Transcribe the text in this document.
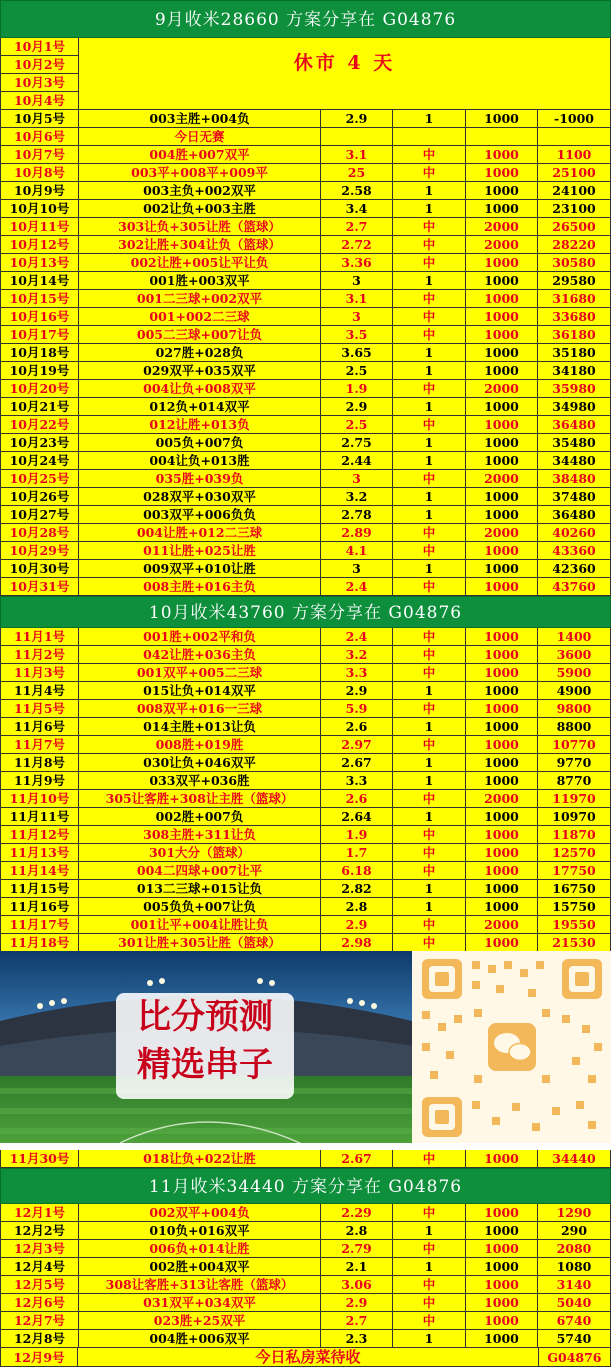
9月收米28660 方案分享在 G04876
10月1号
10月2号
10月3号
10月4号
休市 4 天
10月5号	003主胜+004负	2.9	1	1000	-1000
10月6号	今日无赛
10月7号	004胜+007双平	3.1	中	1000	1100
10月8号	003平+008平+009平	25	中	1000	25100
10月9号	003主负+002双平	2.58	1	1000	24100
10月10号	002让负+003主胜	3.4	1	1000	23100
10月11号	303让负+305让胜（篮球）	2.7	中	2000	26500
10月12号	302让胜+304让负（篮球）	2.72	中	2000	28220
10月13号	002让胜+005让平让负	3.36	中	1000	30580
10月14号	001胜+003双平	3	1	1000	29580
10月15号	001二三球+002双平	3.1	中	1000	31680
10月16号	001+002二三球	3	中	1000	33680
10月17号	005二三球+007让负	3.5	中	1000	36180
10月18号	027胜+028负	3.65	1	1000	35180
10月19号	029双平+035双平	2.5	1	1000	34180
10月20号	004让负+008双平	1.9	中	2000	35980
10月21号	012负+014双平	2.9	1	1000	34980
10月22号	012让胜+013负	2.5	中	1000	36480
10月23号	005负+007负	2.75	1	1000	35480
10月24号	004让负+013胜	2.44	1	1000	34480
10月25号	035胜+039负	3	中	2000	38480
10月26号	028双平+030双平	3.2	1	1000	37480
10月27号	003双平+006负负	2.78	1	1000	36480
10月28号	004让胜+012二三球	2.89	中	2000	40260
10月29号	011让胜+025让胜	4.1	中	1000	43360
10月30号	009双平+010让胜	3	1	1000	42360
10月31号	008主胜+016主负	2.4	中	1000	43760
10月收米43760 方案分享在 G04876
11月1号	001胜+002平和负	2.4	中	1000	1400
11月2号	042让胜+036主负	3.2	中	1000	3600
11月3号	001双平+005二三球	3.3	中	1000	5900
11月4号	015让负+014双平	2.9	1	1000	4900
11月5号	008双平+016一三球	5.9	中	1000	9800
11月6号	014主胜+013让负	2.6	1	1000	8800
11月7号	008胜+019胜	2.97	中	1000	10770
11月8号	030让负+046双平	2.67	1	1000	9770
11月9号	033双平+036胜	3.3	1	1000	8770
11月10号	305让客胜+308让主胜（篮球）	2.6	中	2000	11970
11月11号	002胜+007负	2.64	1	1000	10970
11月12号	308主胜+311让负	1.9	中	1000	11870
11月13号	301大分（篮球）	1.7	中	1000	12570
11月14号	004二四球+007让平	6.18	中	1000	17750
11月15号	013二三球+015让负	2.82	1	1000	16750
11月16号	005负负+007让负	2.8	1	1000	15750
11月17号	001让平+004让胜让负	2.9	中	2000	19550
11月18号	301让胜+305让胜（篮球）	2.98	中	1000	21530
比分预测
精选串子
11月30号	018让负+022让胜	2.67	中	1000	34440
11月收米34440 方案分享在 G04876
12月1号	002双平+004负	2.29	中	1000	1290
12月2号	010负+016双平	2.8	1	1000	290
12月3号	006负+014让胜	2.79	中	1000	2080
12月4号	002胜+004双平	2.1	1	1000	1080
12月5号	308让客胜+313让客胜（篮球）	3.06	中	1000	3140
12月6号	031双平+034双平	2.9	中	1000	5040
12月7号	023胜+25双平	2.7	中	1000	6740
12月8号	004胜+006双平	2.3	1	1000	5740
12月9号	今日私房菜待收	G04876
